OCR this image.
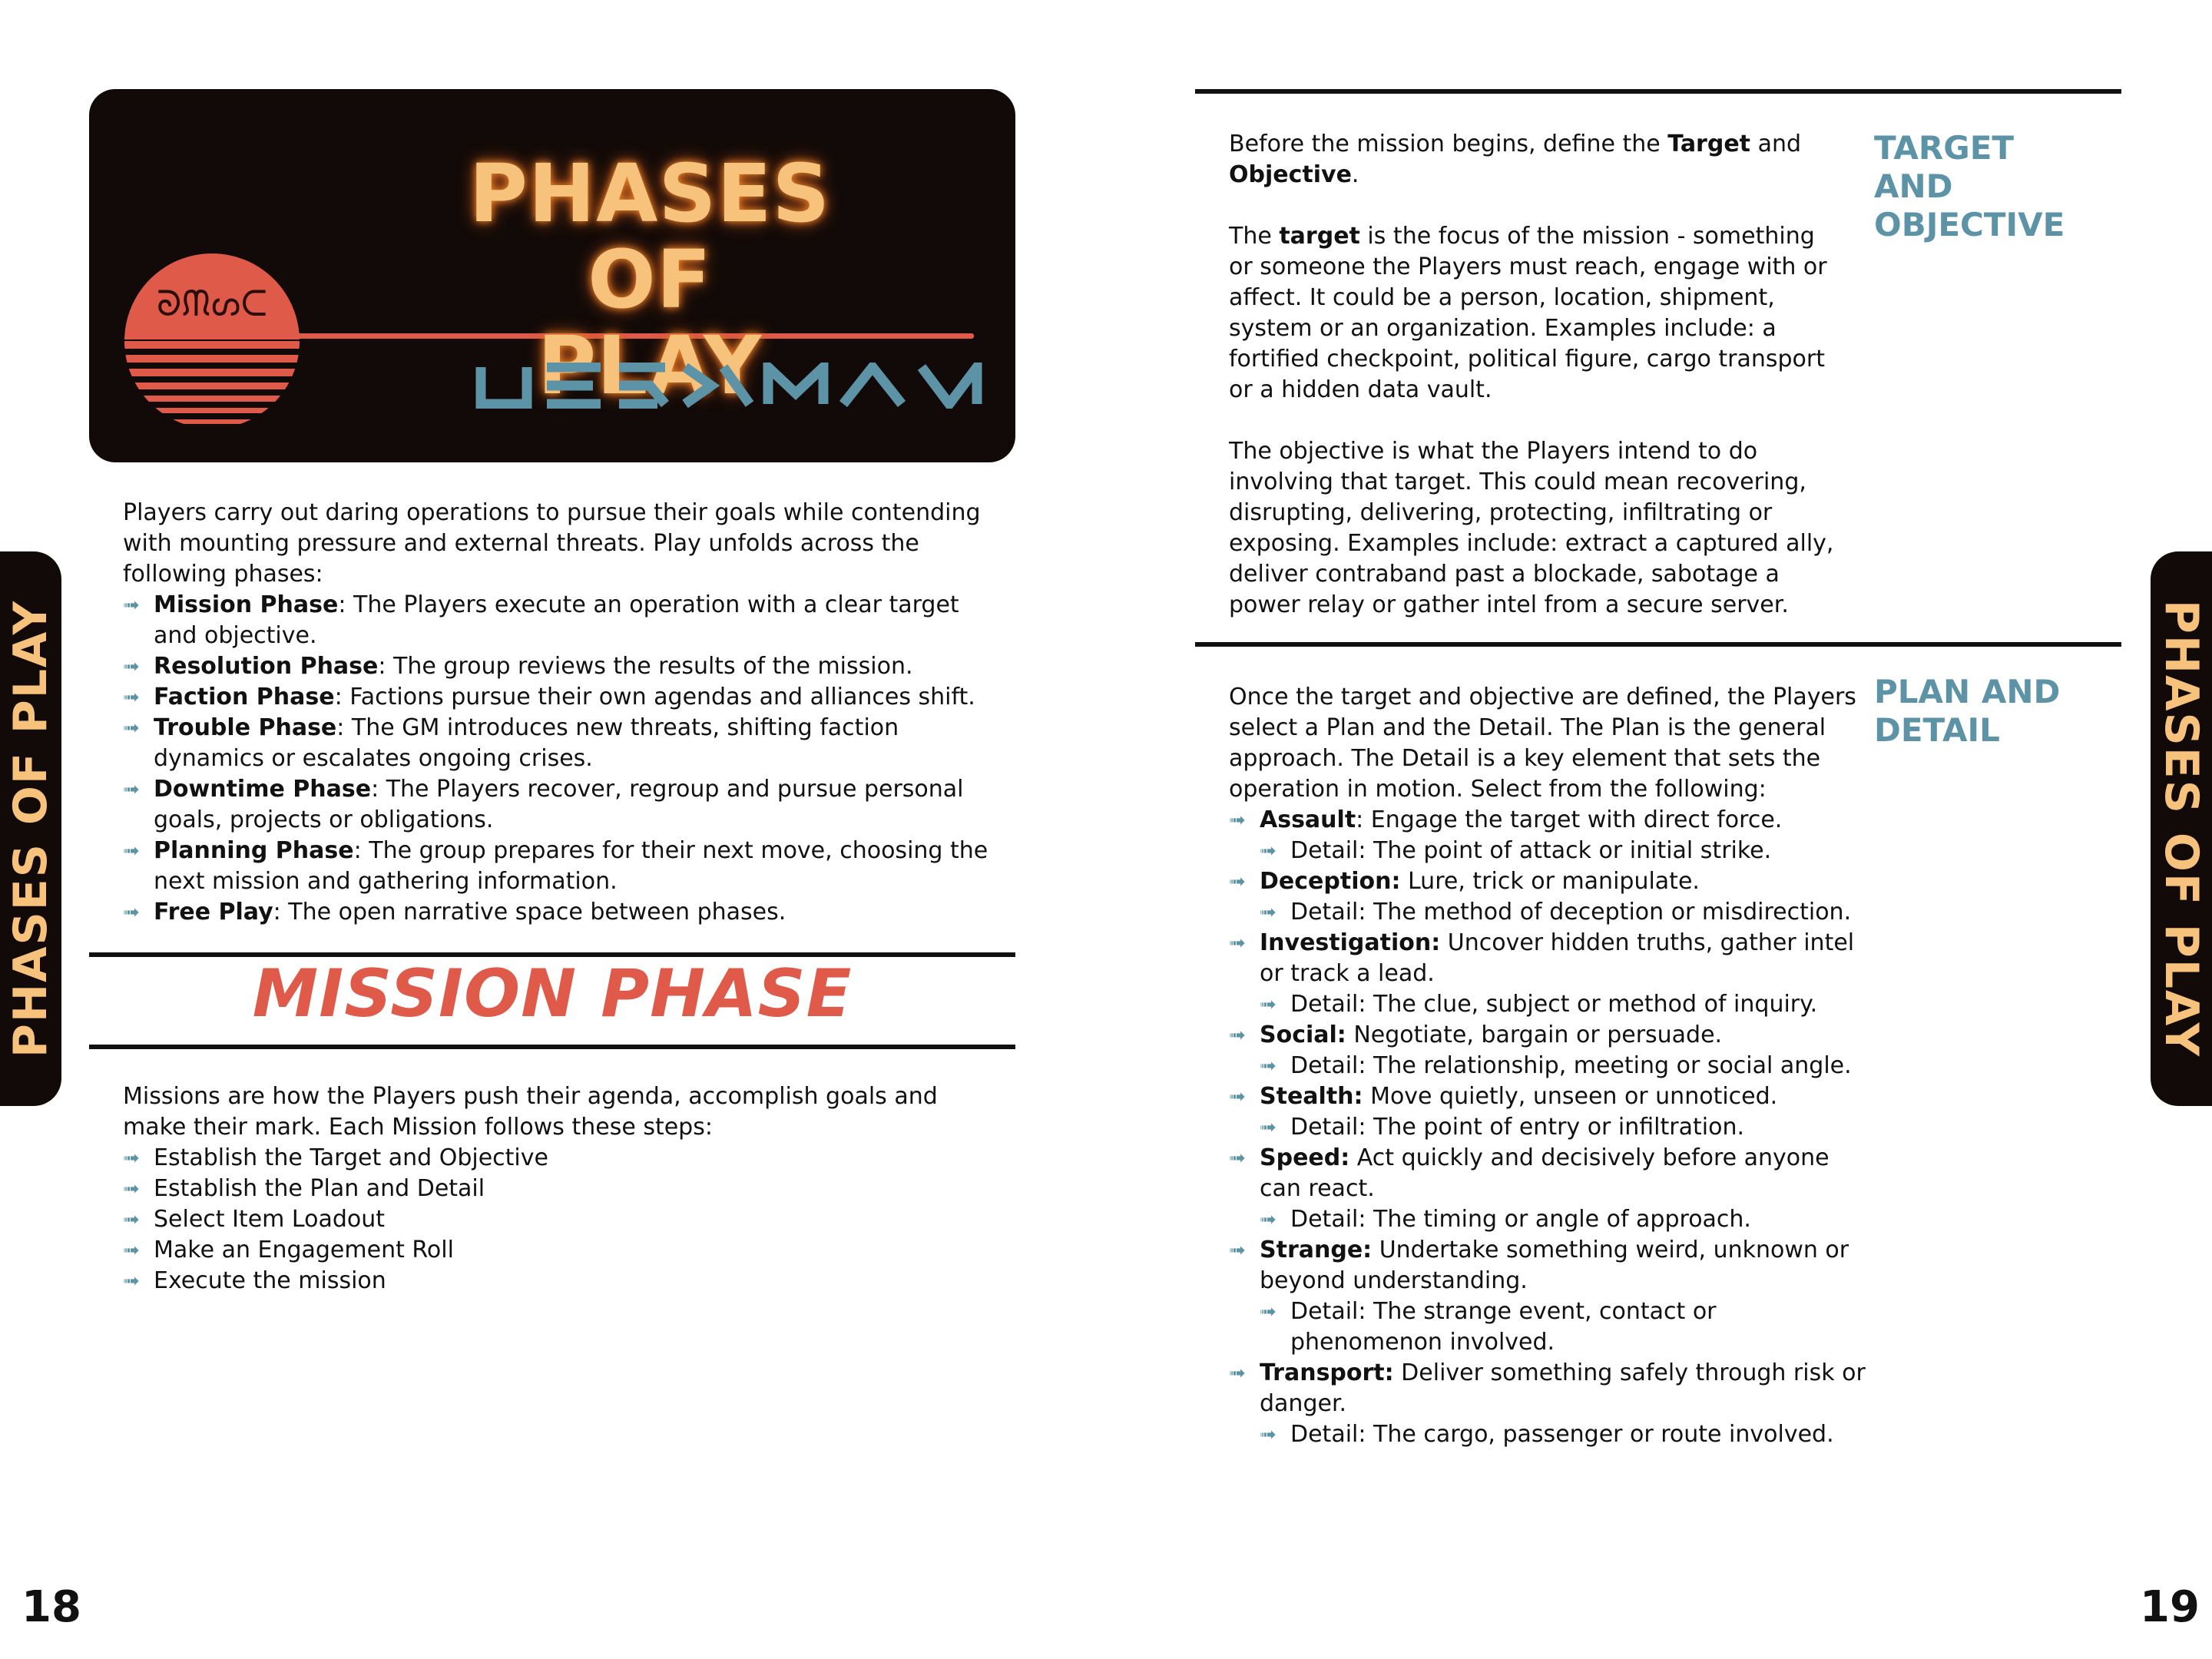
ᘐᙏᔕᑕ
PHASES OF
PLAY
Players carry out daring operations to pursue their goals while contending with mounting pressure and external threats. Play unfolds across the following phases:
➟ Mission Phase: The Players execute an operation with a clear target and objective.
➟ Resolution Phase: The group reviews the results of the mission.
➟ Faction Phase: Factions pursue their own agendas and alliances shift.
➟ Trouble Phase: The GM introduces new threats, shifting faction dynamics or escalates ongoing crises.
➟ Downtime Phase: The Players recover, regroup and pursue personal goals, projects or obligations.
➟ Planning Phase: The group prepares for their next move, choosing the next mission and gathering information.
➟ Free Play: The open narrative space between phases.
MISSION PHASE
Missions are how the Players push their agenda, accomplish goals and make their mark. Each Mission follows these steps:
➟ Establish the Target and Objective
➟ Establish the Plan and Detail
➟ Select Item Loadout
➟ Make an Engagement Roll
➟ Execute the mission
PHASES OF PLAY
18
Before the mission begins, define the Target and Objective.
The target is the focus of the mission - something or someone the Players must reach, engage with or affect. It could be a person, location, shipment, system or an organization. Examples include: a fortified checkpoint, political figure, cargo transport or a hidden data vault.
The objective is what the Players intend to do involving that target. This could mean recovering, disrupting, delivering, protecting, infiltrating or exposing. Examples include: extract a captured ally, deliver contraband past a blockade, sabotage a power relay or gather intel from a secure server.
TARGET
AND
OBJECTIVE
Once the target and objective are defined, the Players select a Plan and the Detail. The Plan is the general approach. The Detail is a key element that sets the operation in motion. Select from the following:
➟ Assault: Engage the target with direct force.
➟ Detail: The point of attack or initial strike.
➟ Deception: Lure, trick or manipulate.
➟ Detail: The method of deception or misdirection.
➟ Investigation: Uncover hidden truths, gather intel or track a lead.
➟ Detail: The clue, subject or method of inquiry.
➟ Social: Negotiate, bargain or persuade.
➟ Detail: The relationship, meeting or social angle.
➟ Stealth: Move quietly, unseen or unnoticed.
➟ Detail: The point of entry or infiltration.
➟ Speed: Act quickly and decisively before anyone can react.
➟ Detail: The timing or angle of approach.
➟ Strange: Undertake something weird, unknown or beyond understanding.
➟ Detail: The strange event, contact or phenomenon involved.
➟ Transport: Deliver something safely through risk or danger.
➟ Detail: The cargo, passenger or route involved.
PLAN AND
DETAIL	PHASES OF PLAY
19
